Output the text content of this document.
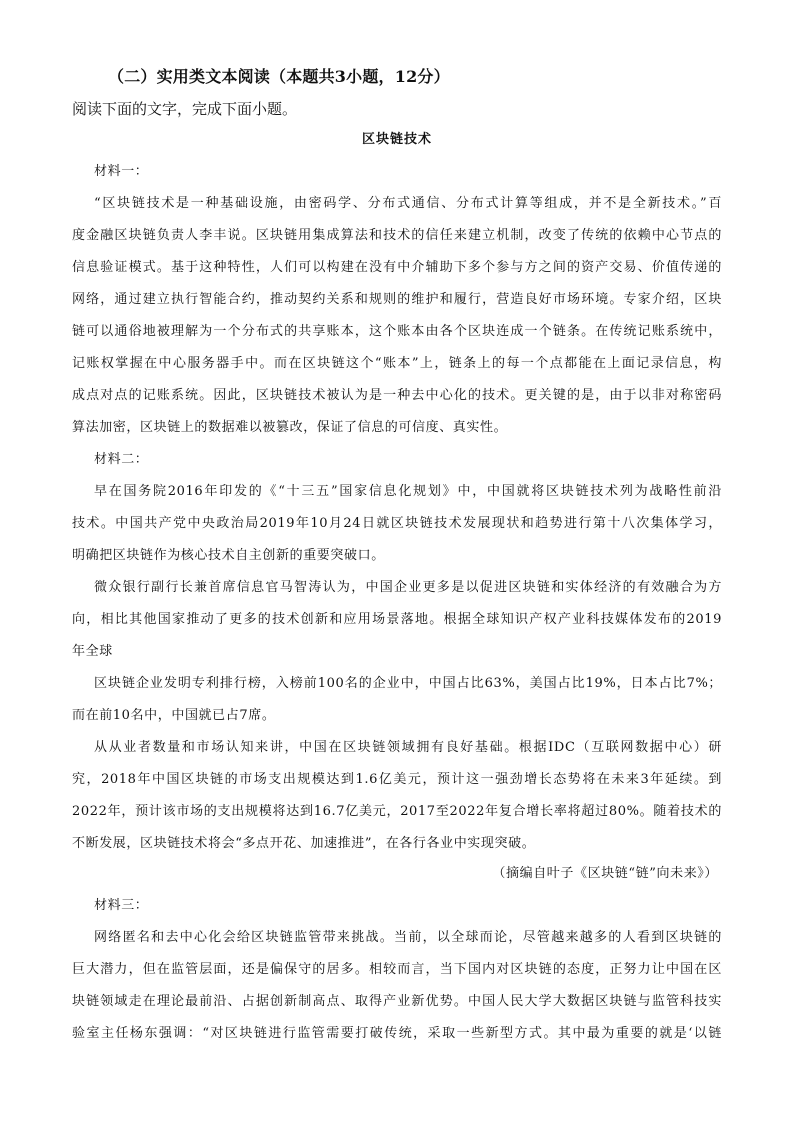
（二）实用类文本阅读（本题共3小题，12分）
阅读下面的文字，完成下面小题。
区块链技术
材料一：
“区块链技术是一种基础设施，由密码学、分布式通信、分布式计算等组成，并不是全新技术。”百
度金融区块链负责人李丰说。区块链用集成算法和技术的信任来建立机制，改变了传统的依赖中心节点的
信息验证模式。基于这种特性，人们可以构建在没有中介辅助下多个参与方之间的资产交易、价值传递的
网络，通过建立执行智能合约，推动契约关系和规则的维护和履行，营造良好市场环境。专家介绍，区块
链可以通俗地被理解为一个分布式的共享账本，这个账本由各个区块连成一个链条。在传统记账系统中，
记账权掌握在中心服务器手中。而在区块链这个“账本”上，链条上的每一个点都能在上面记录信息，构
成点对点的记账系统。因此，区块链技术被认为是一种去中心化的技术。更关键的是，由于以非对称密码
算法加密，区块链上的数据难以被篡改，保证了信息的可信度、真实性。
材料二：
早在国务院2016年印发的《“十三五”国家信息化规划》中，中国就将区块链技术列为战略性前沿
技术。中国共产党中央政治局2019年10月24日就区块链技术发展现状和趋势进行第十八次集体学习，
明确把区块链作为核心技术自主创新的重要突破口。
微众银行副行长兼首席信息官马智涛认为，中国企业更多是以促进区块链和实体经济的有效融合为方
向，相比其他国家推动了更多的技术创新和应用场景落地。根据全球知识产权产业科技媒体发布的2019
年全球
区块链企业发明专利排行榜，入榜前100名的企业中，中国占比63%，美国占比19%，日本占比7%；
而在前10名中，中国就已占7席。
从从业者数量和市场认知来讲，中国在区块链领域拥有良好基础。根据IDC（互联网数据中心）研
究，2018年中国区块链的市场支出规模达到1.6亿美元，预计这一强劲增长态势将在未来3年延续。到
2022年，预计该市场的支出规模将达到16.7亿美元，2017至2022年复合增长率将超过80%。随着技术的
不断发展，区块链技术将会“多点开花、加速推进”，在各行各业中实现突破。
（摘编自叶子《区块链“链”向未来》）
材料三：
网络匿名和去中心化会给区块链监管带来挑战。当前，以全球而论，尽管越来越多的人看到区块链的
巨大潜力，但在监管层面，还是偏保守的居多。相较而言，当下国内对区块链的态度，正努力让中国在区
块链领域走在理论最前沿、占据创新制高点、取得产业新优势。中国人民大学大数据区块链与监管科技实
验室主任杨东强调：“对区块链进行监管需要打破传统，采取一些新型方式。其中最为重要的就是‘以链
